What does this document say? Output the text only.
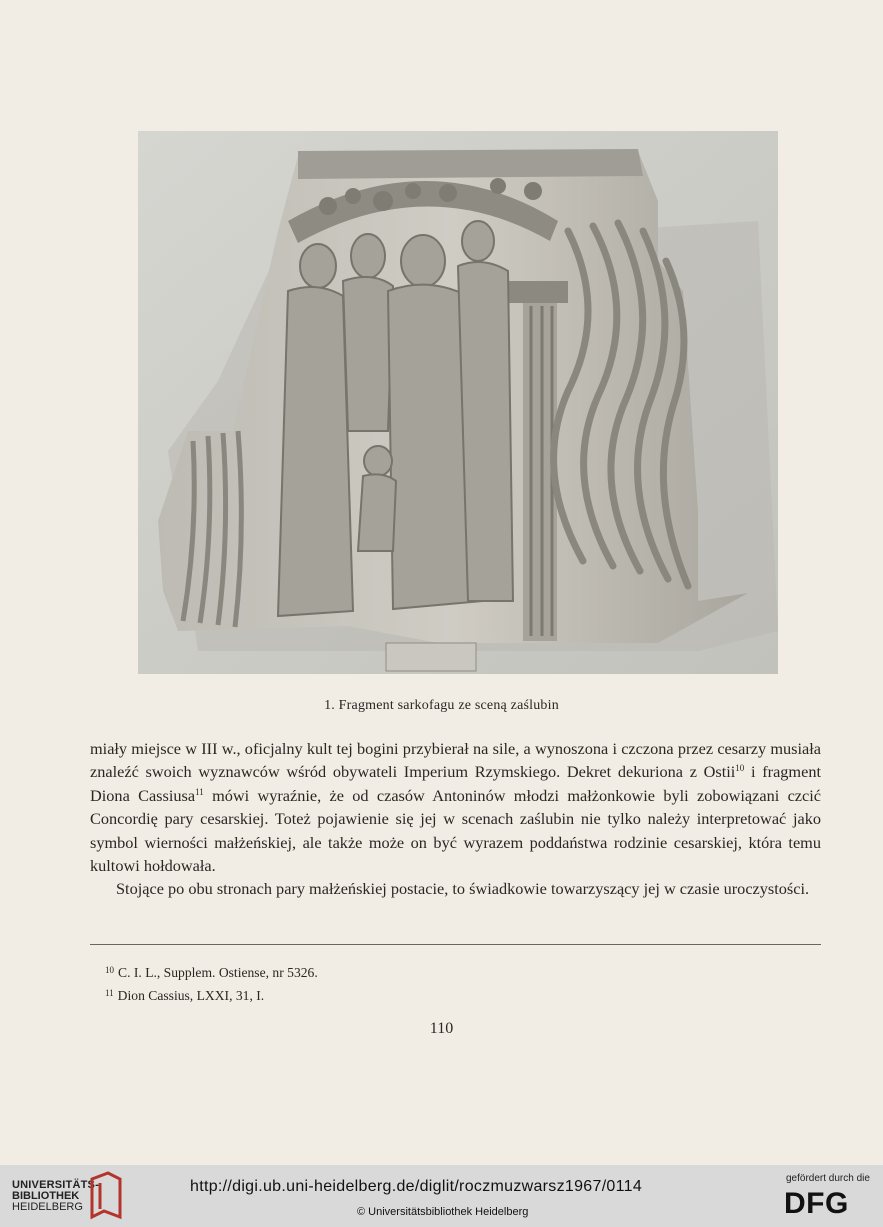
1. Fragment sarkofagu ze sceną zaślubin

miały miejsce w III w., oficjalny kult tej bogini przybierał na sile, a wynoszona i czczona przez cesarzy musiała znaleźć swoich wyznawców wśród obywateli Imperium Rzymskiego. Dekret dekuriona z Ostii$^{10}$ i fragment Diona Cassiusa$^{11}$ mówi wyraźnie, że od czasów Antoninów młodzi małżonkowie byli zobowiązani czcić Concordię pary cesarskiej. Toteż pojawienie się jej w scenach zaślubin nie tylko należy interpretować jako symbol wierności małżeńskiej, ale także może on być wyrazem poddaństwa rodzinie cesarskiej, która temu kultowi hołdowała.

Stojące po obu stronach pary małżeńskiej postacie, to świadkowie towarzyszący jej w czasie uroczystości.

$^{10}$ C. I. L., Supplem. Ostiense, nr 5326.
$^{11}$ Dion Cassius, LXXI, 31, I.
110
UNIVERSITÄTS-
BIBLIOTHEK
HEIDELBERG
http://digi.ub.uni-heidelberg.de/diglit/roczmuzwarsz1967/0114
© Universitätsbibliothek Heidelberg
gefördert durch die
DFG
